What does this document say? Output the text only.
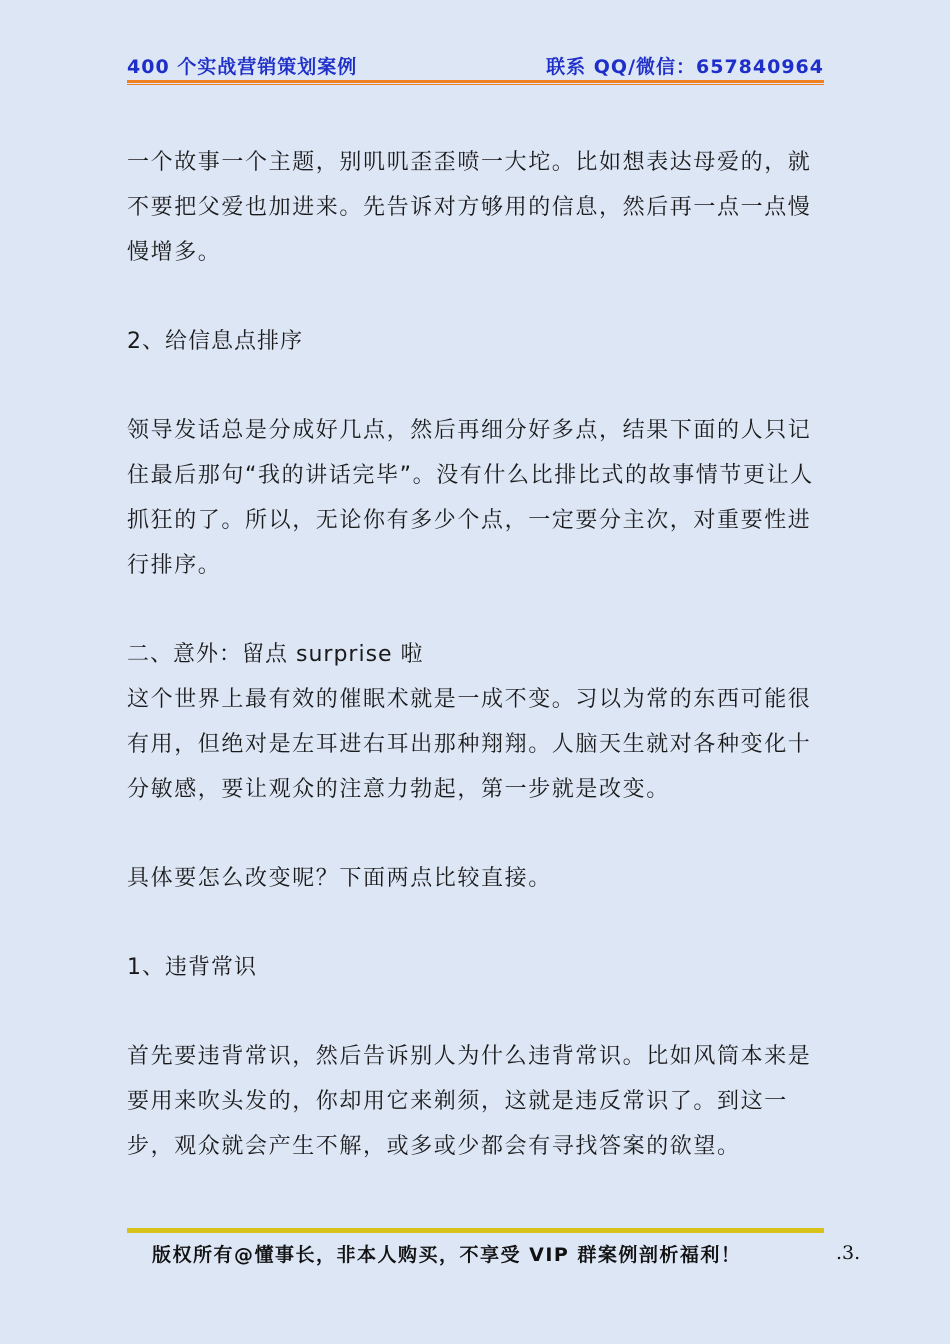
400 个实战营销策划案例	联系 QQ/微信：657840964

一个故事一个主题，别叽叽歪歪喷一大坨。比如想表达母爱的，就不要把父爱也加进来。先告诉对方够用的信息，然后再一点一点慢慢增多。

2、给信息点排序

领导发话总是分成好几点，然后再细分好多点，结果下面的人只记住最后那句“我的讲话完毕”。没有什么比排比式的故事情节更让人抓狂的了。所以，无论你有多少个点，一定要分主次，对重要性进行排序。

二、意外：留点 surprise 啦

这个世界上最有效的催眠术就是一成不变。习以为常的东西可能很有用，但绝对是左耳进右耳出那种翔翔。人脑天生就对各种变化十分敏感，要让观众的注意力勃起，第一步就是改变。

具体要怎么改变呢？下面两点比较直接。

1、违背常识

首先要违背常识，然后告诉别人为什么违背常识。比如风筒本来是要用来吹头发的，你却用它来剃须，这就是违反常识了。到这一步，观众就会产生不解，或多或少都会有寻找答案的欲望。

版权所有@懂事长，非本人购买，不享受 VIP 群案例剖析福利！	.3.
